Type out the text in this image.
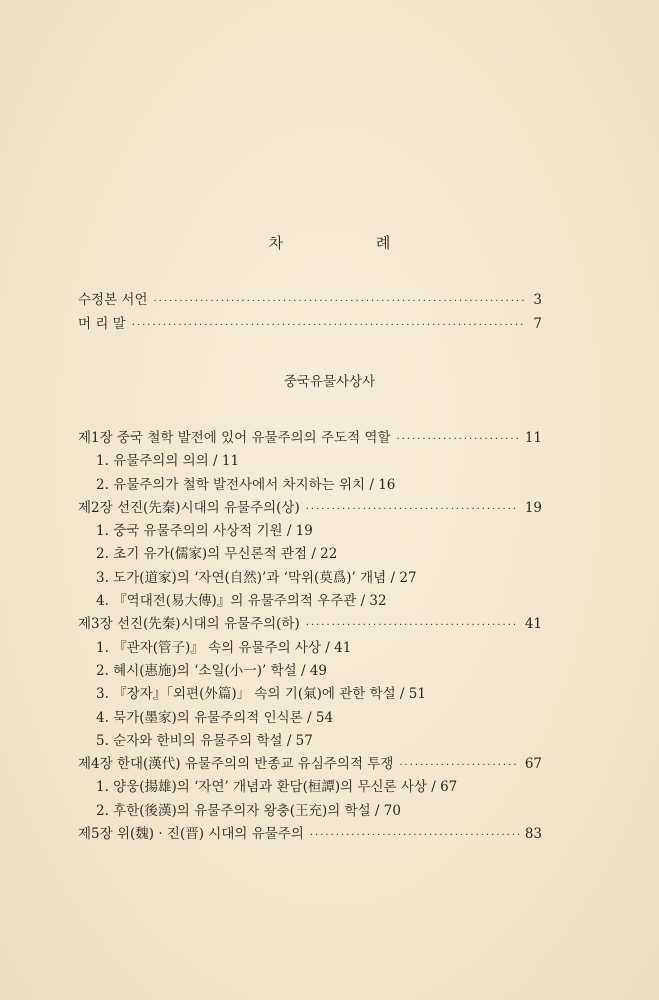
차 례
수정본 서언 ·····	3
머 리 말 ·····	7
중국유물사상사
제1장 중국 철학 발전에 있어 유물주의의 주도적 역할 ·····	11
1. 유물주의의 의의 / 11
2. 유물주의가 철학 발전사에서 차지하는 위치 / 16
제2장 선진(先秦)시대의 유물주의(상) ·····	19
1. 중국 유물주의의 사상적 기원 / 19
2. 초기 유가(儒家)의 무신론적 관점 / 22
3. 도가(道家)의 ‘자연(自然)’과 ‘막위(莫爲)’ 개념 / 27
4. 『역대전(易大傳)』의 유물주의적 우주관 / 32
제3장 선진(先秦)시대의 유물주의(하) ·····	41
1. 『관자(管子)』 속의 유물주의 사상 / 41
2. 혜시(惠施)의 ‘소일(小一)’ 학설 / 49
3. 『장자』「외편(外篇)」 속의 기(氣)에 관한 학설 / 51
4. 묵가(墨家)의 유물주의적 인식론 / 54
5. 순자와 한비의 유물주의 학설 / 57
제4장 한대(漢代) 유물주의의 반종교 유심주의적 투쟁 ·····	67
1. 양웅(揚雄)의 ‘자연’ 개념과 환담(桓譚)의 무신론 사상 / 67
2. 후한(後漢)의 유물주의자 왕충(王充)의 학설 / 70
제5장 위(魏) · 진(晋) 시대의 유물주의 ·····	83
